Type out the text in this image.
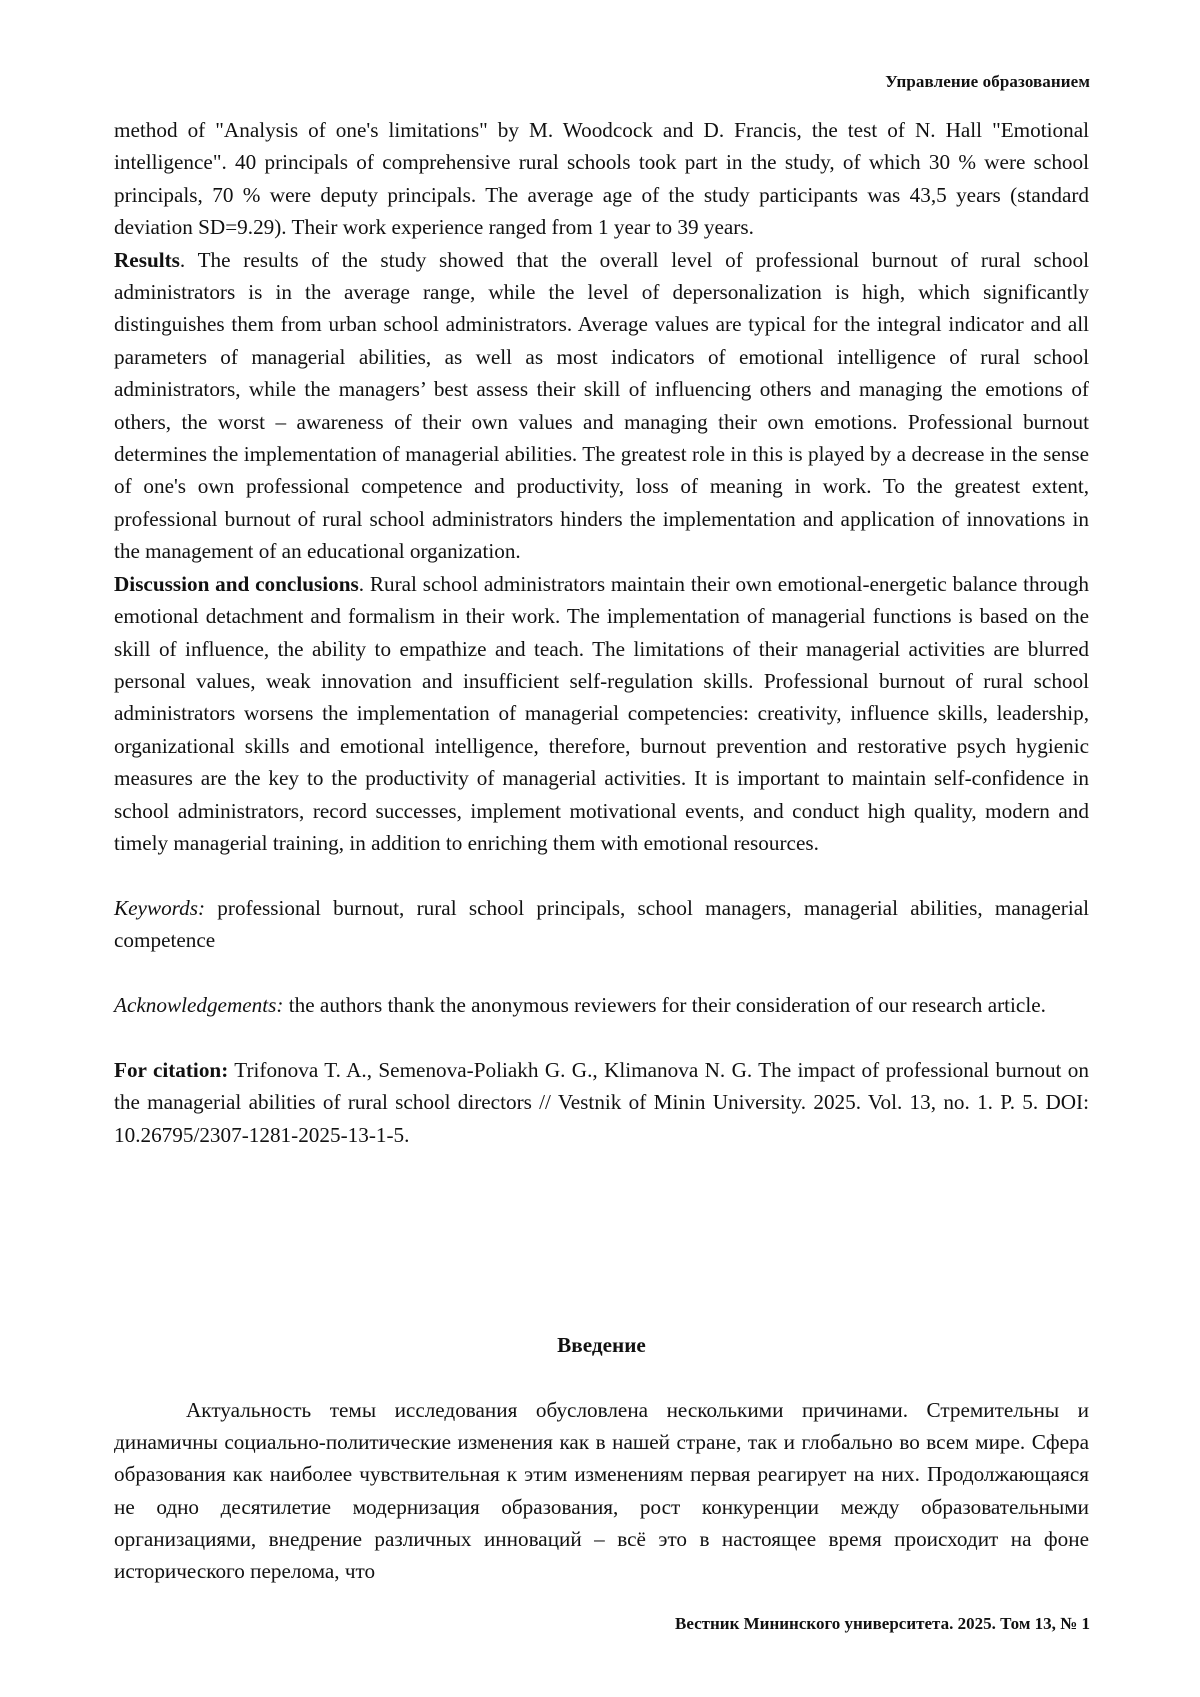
Управление образованием

method of "Analysis of one's limitations" by M. Woodcock and D. Francis, the test of N. Hall "Emotional intelligence". 40 principals of comprehensive rural schools took part in the study, of which 30 % were school principals, 70 % were deputy principals. The average age of the study participants was 43,5 years (standard deviation SD=9.29). Their work experience ranged from 1 year to 39 years.

Results. The results of the study showed that the overall level of professional burnout of rural school administrators is in the average range, while the level of depersonalization is high, which significantly distinguishes them from urban school administrators. Average values are typical for the integral indicator and all parameters of managerial abilities, as well as most indicators of emotional intelligence of rural school administrators, while the managers’ best assess their skill of influencing others and managing the emotions of others, the worst – awareness of their own values and managing their own emotions. Professional burnout determines the implementation of managerial abilities. The greatest role in this is played by a decrease in the sense of one's own professional competence and productivity, loss of meaning in work. To the greatest extent, professional burnout of rural school administrators hinders the implementation and application of innovations in the management of an educational organization.

Discussion and conclusions. Rural school administrators maintain their own emotional-energetic balance through emotional detachment and formalism in their work. The implementation of managerial functions is based on the skill of influence, the ability to empathize and teach. The limitations of their managerial activities are blurred personal values, weak innovation and insufficient self-regulation skills. Professional burnout of rural school administrators worsens the implementation of managerial competencies: creativity, influence skills, leadership, organizational skills and emotional intelligence, therefore, burnout prevention and restorative psych hygienic measures are the key to the productivity of managerial activities. It is important to maintain self-confidence in school administrators, record successes, implement motivational events, and conduct high quality, modern and timely managerial training, in addition to enriching them with emotional resources.

Keywords: professional burnout, rural school principals, school managers, managerial abilities, managerial competence

Acknowledgements: the authors thank the anonymous reviewers for their consideration of our research article.

For citation: Trifonova T. A., Semenova-Poliakh G. G., Klimanova N. G. The impact of professional burnout on the managerial abilities of rural school directors // Vestnik of Minin University. 2025. Vol. 13, no. 1. P. 5. DOI: 10.26795/2307-1281-2025-13-1-5.

Введение

Актуальность темы исследования обусловлена несколькими причинами. Стремительны и динамичны социально-политические изменения как в нашей стране, так и глобально во всем мире. Сфера образования как наиболее чувствительная к этим изменениям первая реагирует на них. Продолжающаяся не одно десятилетие модернизация образования, рост конкуренции между образовательными организациями, внедрение различных инноваций – всё это в настоящее время происходит на фоне исторического перелома, что

Вестник Мининского университета. 2025. Том 13, № 1
